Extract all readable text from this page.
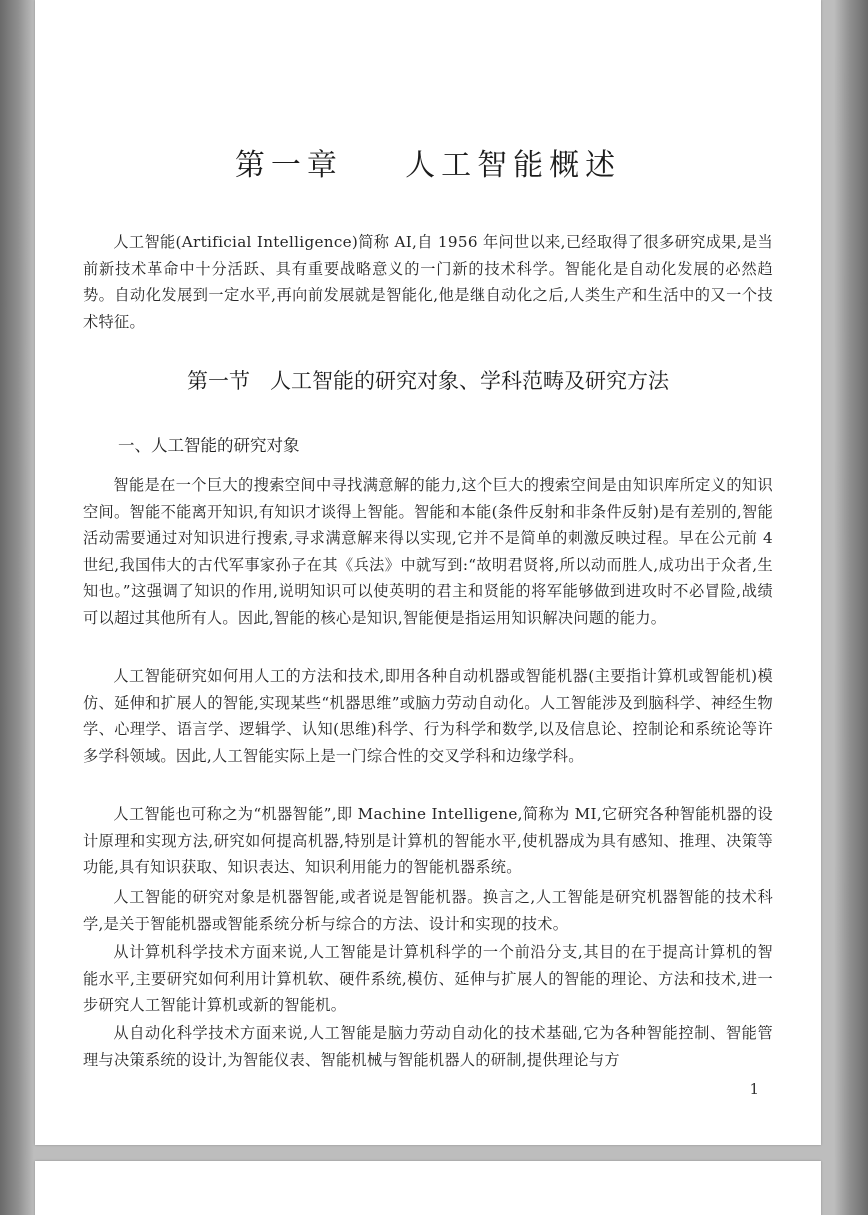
第一章    人工智能概述

人工智能(Artificial Intelligence)简称 AI,自 1956 年问世以来,已经取得了很多研究成果,是当前新技术革命中十分活跃、具有重要战略意义的一门新的技术科学。智能化是自动化发展的必然趋势。自动化发展到一定水平,再向前发展就是智能化,他是继自动化之后,人类生产和生活中的又一个技术特征。

第一节   人工智能的研究对象、学科范畴及研究方法
一、人工智能的研究对象

智能是在一个巨大的搜索空间中寻找满意解的能力,这个巨大的搜索空间是由知识库所定义的知识空间。智能不能离开知识,有知识才谈得上智能。智能和本能(条件反射和非条件反射)是有差别的,智能活动需要通过对知识进行搜索,寻求满意解来得以实现,它并不是简单的刺激反映过程。早在公元前 4 世纪,我国伟大的古代军事家孙子在其《兵法》中就写到:“故明君贤将,所以动而胜人,成功出于众者,生知也。”这强调了知识的作用,说明知识可以使英明的君主和贤能的将军能够做到进攻时不必冒险,战绩可以超过其他所有人。因此,智能的核心是知识,智能便是指运用知识解决问题的能力。

人工智能研究如何用人工的方法和技术,即用各种自动机器或智能机器(主要指计算机或智能机)模仿、延伸和扩展人的智能,实现某些“机器思维”或脑力劳动自动化。人工智能涉及到脑科学、神经生物学、心理学、语言学、逻辑学、认知(思维)科学、行为科学和数学,以及信息论、控制论和系统论等许多学科领域。因此,人工智能实际上是一门综合性的交叉学科和边缘学科。

人工智能也可称之为“机器智能”,即 Machine Intelligene,简称为 MI,它研究各种智能机器的设计原理和实现方法,研究如何提高机器,特别是计算机的智能水平,使机器成为具有感知、推理、决策等功能,具有知识获取、知识表达、知识利用能力的智能机器系统。

人工智能的研究对象是机器智能,或者说是智能机器。换言之,人工智能是研究机器智能的技术科学,是关于智能机器或智能系统分析与综合的方法、设计和实现的技术。

从计算机科学技术方面来说,人工智能是计算机科学的一个前沿分支,其目的在于提高计算机的智能水平,主要研究如何利用计算机软、硬件系统,模仿、延伸与扩展人的智能的理论、方法和技术,进一步研究人工智能计算机或新的智能机。

从自动化科学技术方面来说,人工智能是脑力劳动自动化的技术基础,它为各种智能控制、智能管理与决策系统的设计,为智能仪表、智能机械与智能机器人的研制,提供理论与方

1
